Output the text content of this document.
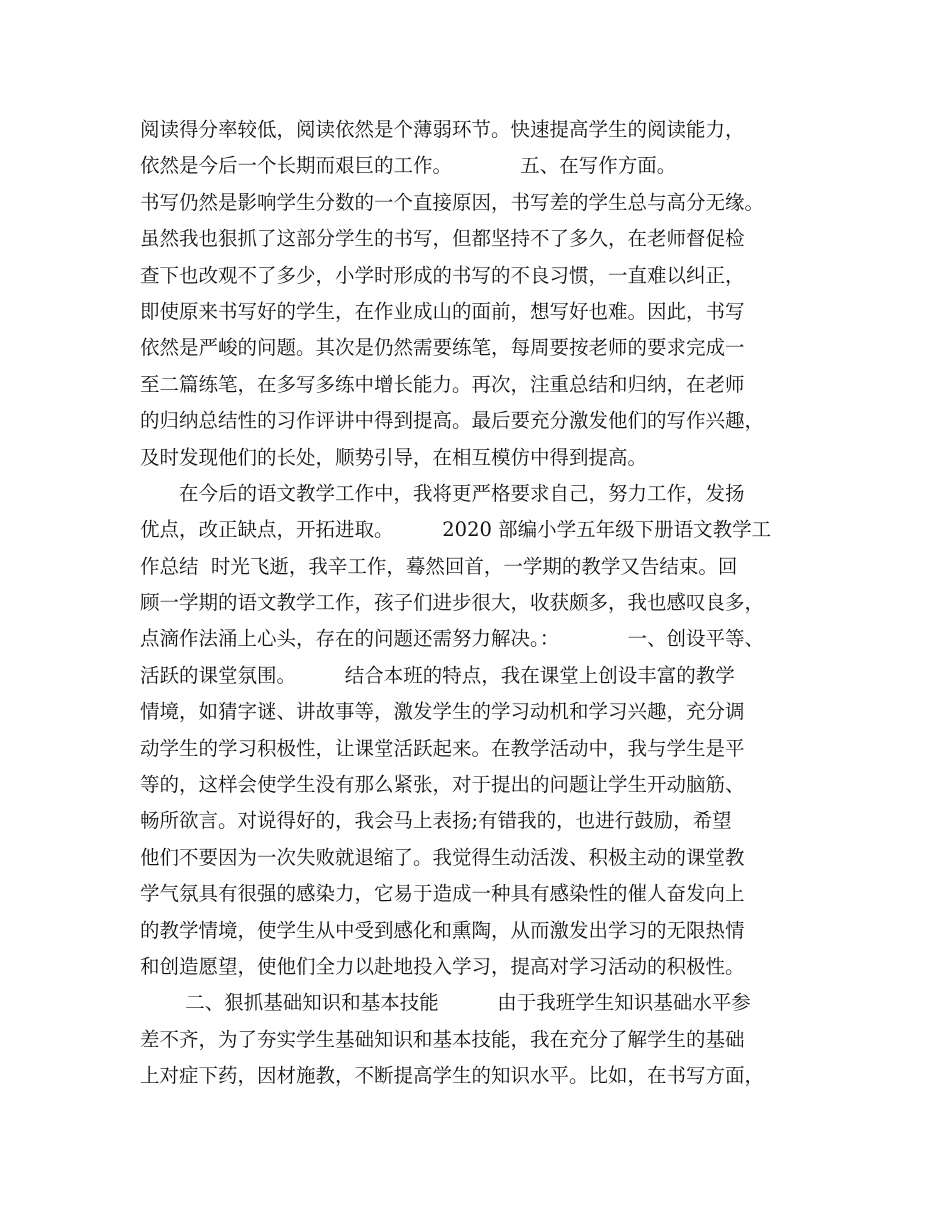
阅读得分率较低，阅读依然是个薄弱环节。快速提高学生的阅读能力，
依然是今后一个长期而艰巨的工作。　　　　五、在写作方面。
书写仍然是影响学生分数的一个直接原因，书写差的学生总与高分无缘。
虽然我也狠抓了这部分学生的书写，但都坚持不了多久，在老师督促检
查下也改观不了多少，小学时形成的书写的不良习惯，一直难以纠正，
即使原来书写好的学生，在作业成山的面前，想写好也难。因此，书写
依然是严峻的问题。其次是仍然需要练笔，每周要按老师的要求完成一
至二篇练笔，在多写多练中增长能力。再次，注重总结和归纳，在老师
的归纳总结性的习作评讲中得到提高。最后要充分激发他们的写作兴趣，
及时发现他们的长处，顺势引导，在相互模仿中得到提高。
　　在今后的语文教学工作中，我将更严格要求自己，努力工作，发扬
优点，改正缺点，开拓进取。　　　2020 部编小学五年级下册语文教学工
作总结  时光飞逝，我辛工作，蓦然回首，一学期的教学又告结束。回
顾一学期的语文教学工作，孩子们进步很大，收获颇多，我也感叹良多，
点滴作法涌上心头，存在的问题还需努力解决。：　　　　一、创设平等、
活跃的课堂氛围。　　　结合本班的特点，我在课堂上创设丰富的教学
情境，如猜字谜、讲故事等，激发学生的学习动机和学习兴趣，充分调
动学生的学习积极性，让课堂活跃起来。在教学活动中，我与学生是平
等的，这样会使学生没有那么紧张，对于提出的问题让学生开动脑筋、
畅所欲言。对说得好的，我会马上表扬;有错我的，也进行鼓励，希望
他们不要因为一次失败就退缩了。我觉得生动活泼、积极主动的课堂教
学气氛具有很强的感染力，它易于造成一种具有感染性的催人奋发向上
的教学情境，使学生从中受到感化和熏陶，从而激发出学习的无限热情
和创造愿望，使他们全力以赴地投入学习，提高对学习活动的积极性。
　　 二、狠抓基础知识和基本技能　　　由于我班学生知识基础水平参
差不齐，为了夯实学生基础知识和基本技能，我在充分了解学生的基础
上对症下药，因材施教，不断提高学生的知识水平。比如，在书写方面，
